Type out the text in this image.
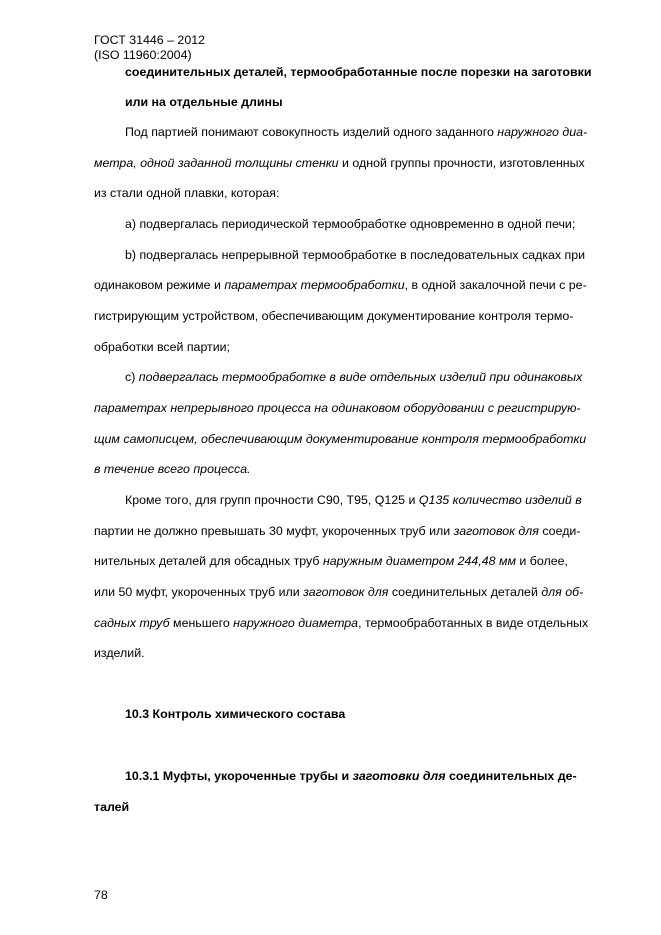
ГОСТ 31446 – 2012

(ISO 11960:2004)

соединительных деталей, термообработанные после порезки на заготовки

или на отдельные длины

Под партией понимают совокупность изделий одного заданного наружного диа-

метра, одной заданной толщины стенки и одной группы прочности, изготовленных

из стали одной плавки, которая:

а) подвергалась периодической термообработке одновременно в одной печи;

b) подвергалась непрерывной термообработке в последовательных садках при

одинаковом режиме и параметрах термообработки, в одной закалочной печи с ре-

гистрирующим устройством, обеспечивающим документирование контроля термо-

обработки всей партии;

с) подвергалась термообработке в виде отдельных изделий при одинаковых

параметрах непрерывного процесса на одинаковом оборудовании с регистрирую-

щим самописцем, обеспечивающим документирование контроля термообработки

в течение всего процесса.

Кроме того, для групп прочности С90, Т95, Q125 и Q135 количество изделий в

партии не должно превышать 30 муфт, укороченных труб или заготовок для соеди-

нительных деталей для обсадных труб наружным диаметром 244,48 мм и более,

или 50 муфт, укороченных труб или заготовок для соединительных деталей для об-

садных труб меньшего наружного диаметра, термообработанных в виде отдельных

изделий.

10.3 Контроль химического состава

10.3.1 Муфты, укороченные трубы и заготовки для соединительных де-

талей

78
